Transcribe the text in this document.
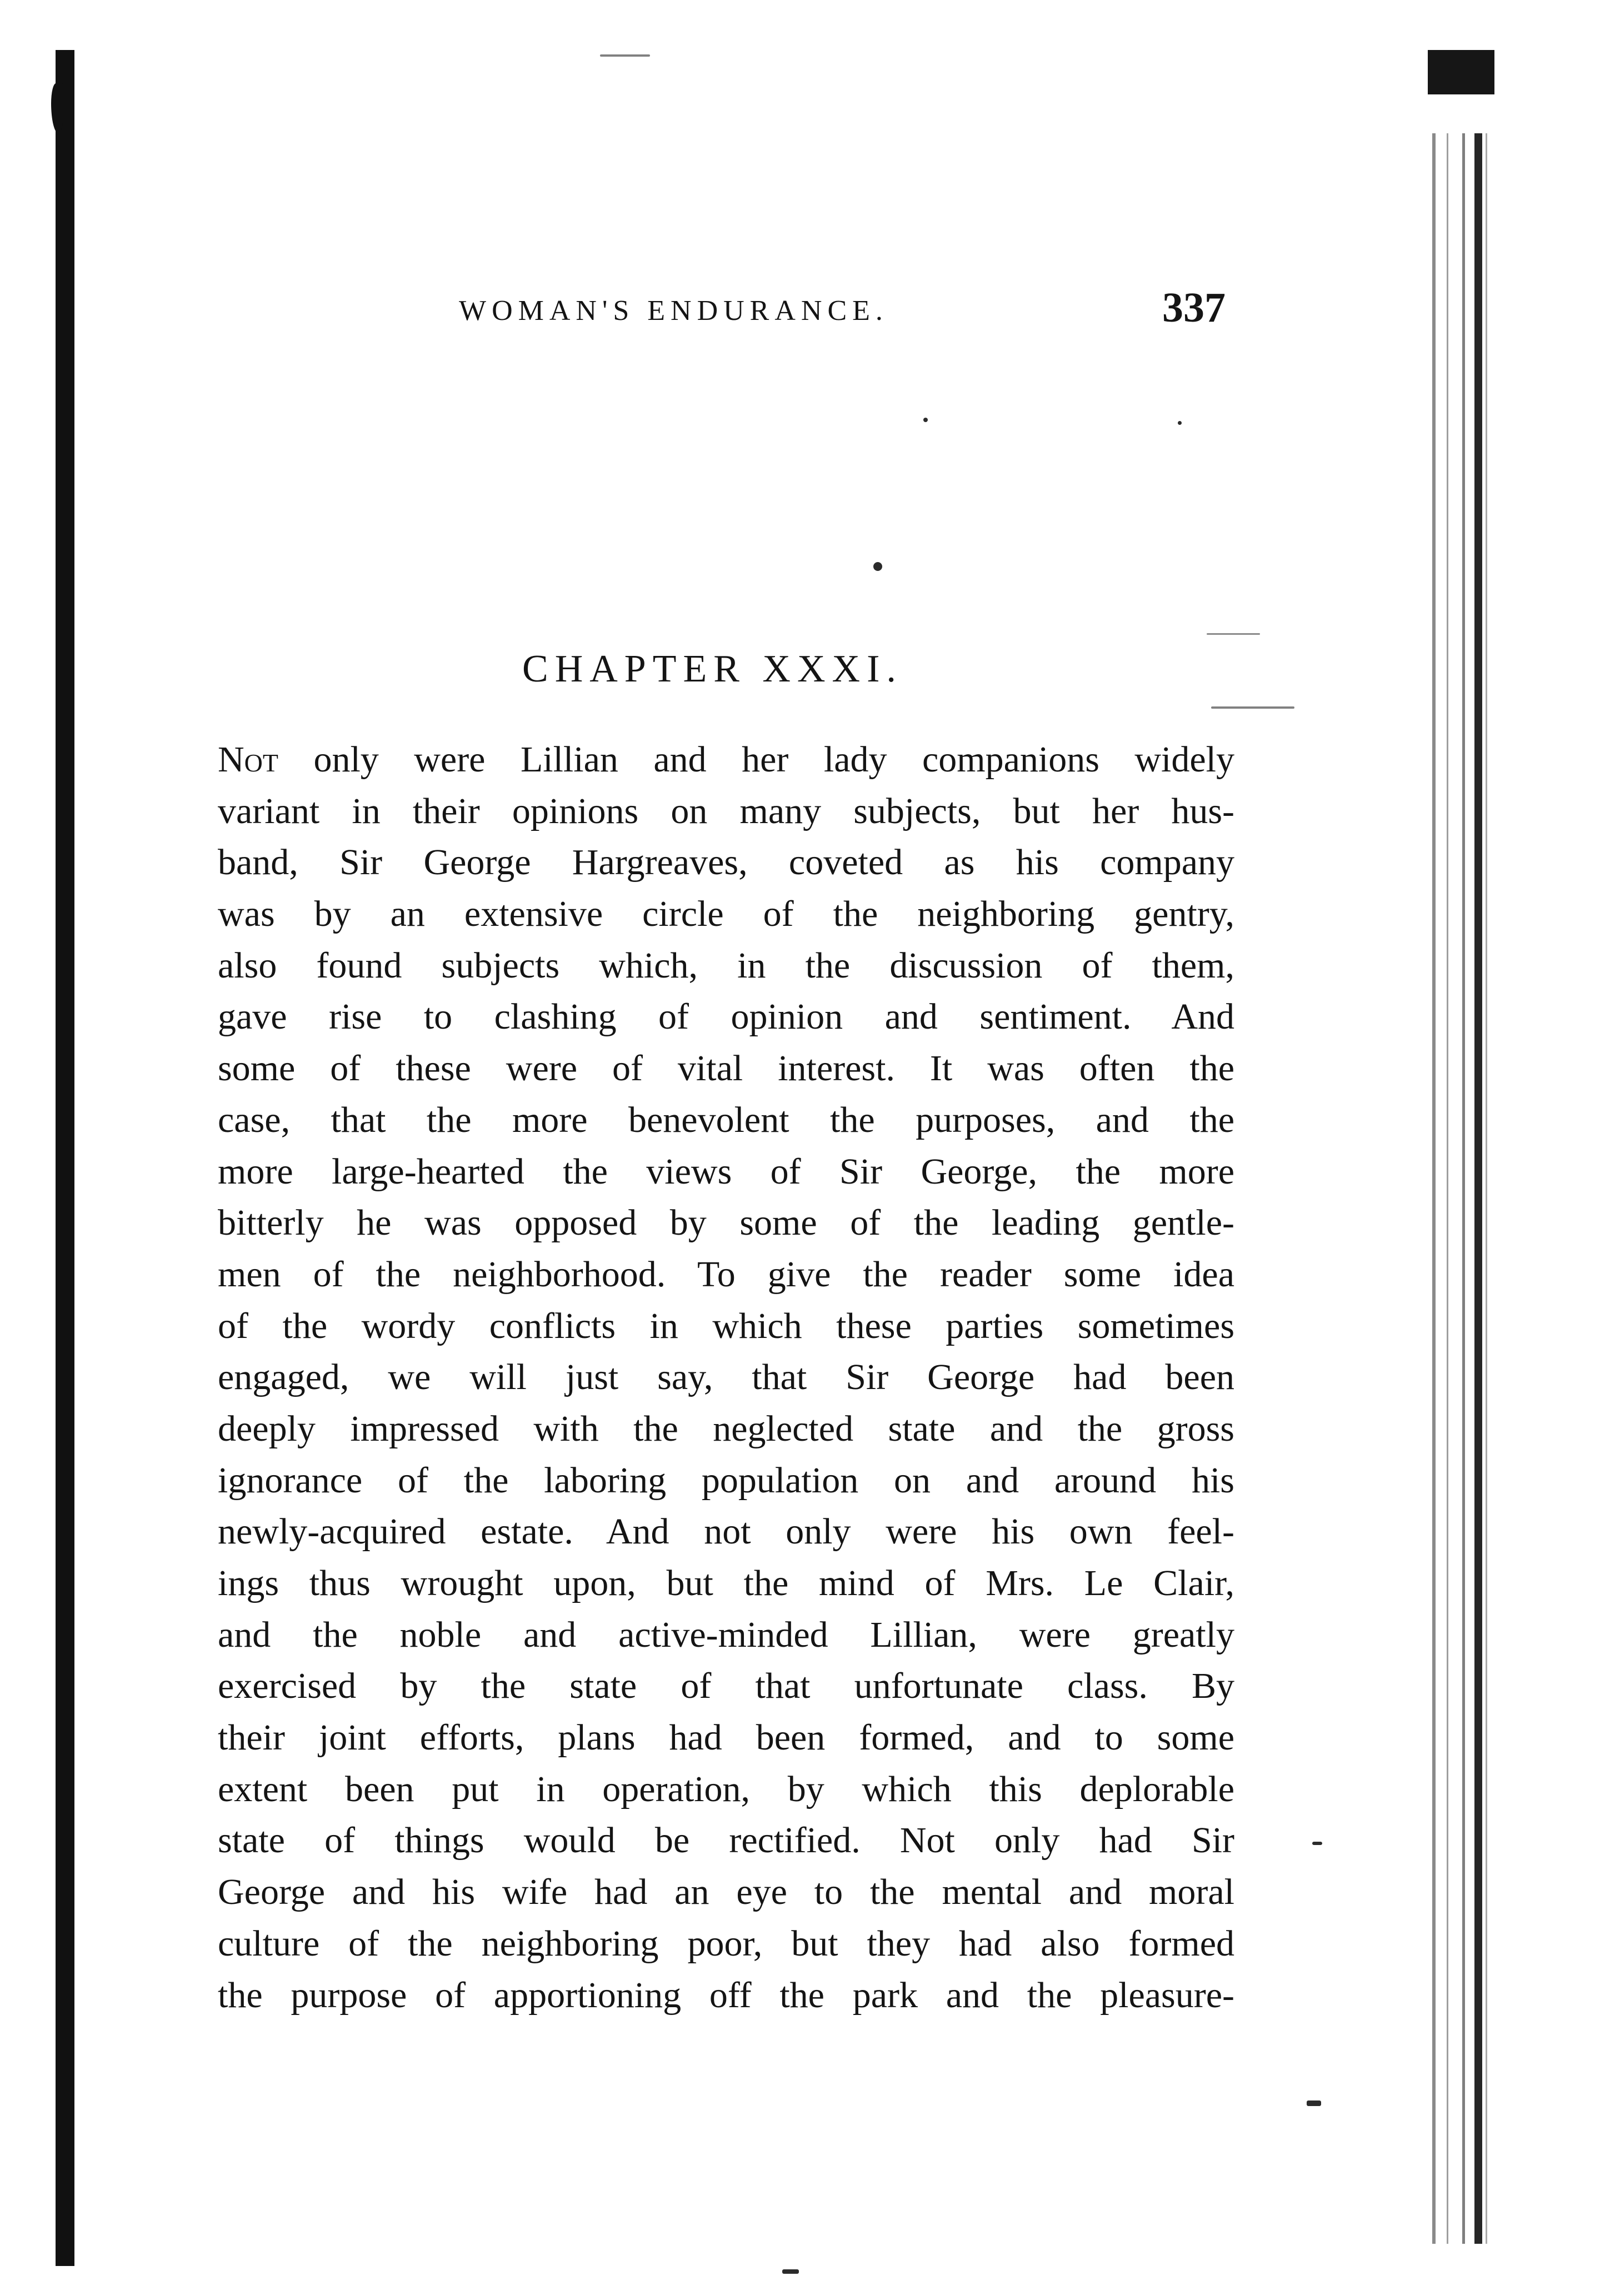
WOMAN'S ENDURANCE.	337
CHAPTER XXXI.
Not only were Lillian and her lady companions widely
variant in their opinions on many subjects, but her hus-
band, Sir George Hargreaves, coveted as his company
was by an extensive circle of the neighboring gentry,
also found subjects which, in the discussion of them,
gave rise to clashing of opinion and sentiment. And
some of these were of vital interest. It was often the
case, that the more benevolent the purposes, and the
more large-hearted the views of Sir George, the more
bitterly he was opposed by some of the leading gentle-
men of the neighborhood. To give the reader some idea
of the wordy conflicts in which these parties sometimes
engaged, we will just say, that Sir George had been
deeply impressed with the neglected state and the gross
ignorance of the laboring population on and around his
newly-acquired estate. And not only were his own feel-
ings thus wrought upon, but the mind of Mrs. Le Clair,
and the noble and active-minded Lillian, were greatly
exercised by the state of that unfortunate class. By
their joint efforts, plans had been formed, and to some
extent been put in operation, by which this deplorable
state of things would be rectified. Not only had Sir
George and his wife had an eye to the mental and moral
culture of the neighboring poor, but they had also formed
the purpose of apportioning off the park and the pleasure-
